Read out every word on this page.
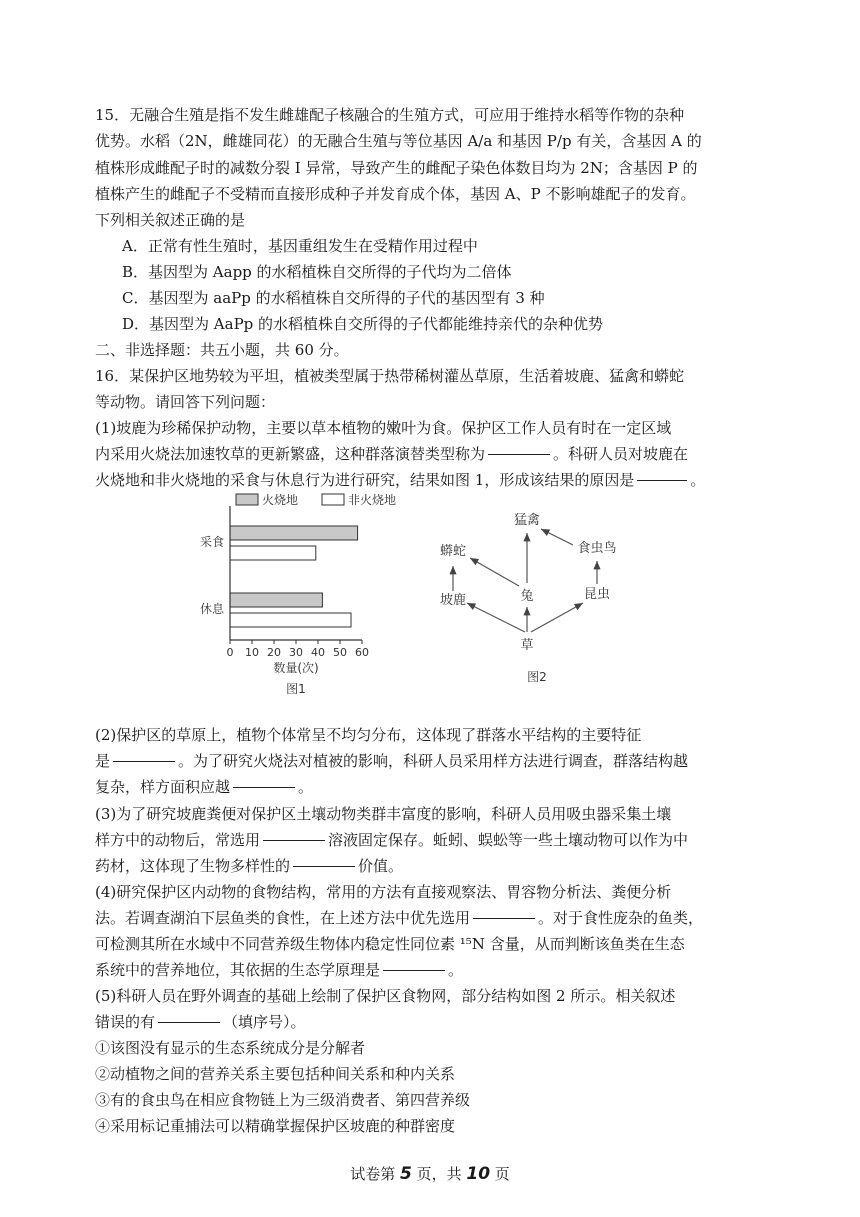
15．无融合生殖是指不发生雌雄配子核融合的生殖方式，可应用于维持水稻等作物的杂种
优势。水稻（2N，雌雄同花）的无融合生殖与等位基因 A/a 和基因 P/p 有关，含基因 A 的
植株形成雌配子时的减数分裂 I 异常，导致产生的雌配子染色体数目均为 2N；含基因 P 的
植株产生的雌配子不受精而直接形成种子并发育成个体，基因 A、P 不影响雄配子的发育。
下列相关叙述正确的是
A．正常有性生殖时，基因重组发生在受精作用过程中
B．基因型为 Aapp 的水稻植株自交所得的子代均为二倍体
C．基因型为 aaPp 的水稻植株自交所得的子代的基因型有 3 种
D．基因型为 AaPp 的水稻植株自交所得的子代都能维持亲代的杂种优势
二、非选择题：共五小题，共 60 分。
16．某保护区地势较为平坦，植被类型属于热带稀树灌丛草原，生活着坡鹿、猛禽和蟒蛇
等动物。请回答下列问题：
(1)坡鹿为珍稀保护动物，主要以草本植物的嫩叶为食。保护区工作人员有时在一定区域
内采用火烧法加速牧草的更新繁盛，这种群落演替类型称为	。科研人员对坡鹿在
火烧地和非火烧地的采食与休息行为进行研究，结果如图 1，形成该结果的原因是	。
火烧地	非火烧地
0 10 20 30 40 50 60
采食
休息
数量(次)
图1
猛禽
蟒蛇	食虫鸟
坡鹿	兔	昆虫
草
图2
(2)保护区的草原上，植物个体常呈不均匀分布，这体现了群落水平结构的主要特征
是	。为了研究火烧法对植被的影响，科研人员采用样方法进行调查，群落结构越
复杂，样方面积应越	。
(3)为了研究坡鹿粪便对保护区土壤动物类群丰富度的影响，科研人员用吸虫器采集土壤
样方中的动物后，常选用	溶液固定保存。蚯蚓、蜈蚣等一些土壤动物可以作为中
药材，这体现了生物多样性的	价值。
(4)研究保护区内动物的食物结构，常用的方法有直接观察法、胃容物分析法、粪便分析
法。若调查湖泊下层鱼类的食性，在上述方法中优先选用	。对于食性庞杂的鱼类，
可检测其所在水域中不同营养级生物体内稳定性同位素 ¹⁵N 含量，从而判断该鱼类在生态
系统中的营养地位，其依据的生态学原理是	。
(5)科研人员在野外调查的基础上绘制了保护区食物网，部分结构如图 2 所示。相关叙述
错误的有	（填序号）。
①该图没有显示的生态系统成分是分解者
②动植物之间的营养关系主要包括种间关系和种内关系
③有的食虫鸟在相应食物链上为三级消费者、第四营养级
④采用标记重捕法可以精确掌握保护区坡鹿的种群密度
试卷第 5 页，共 10 页
